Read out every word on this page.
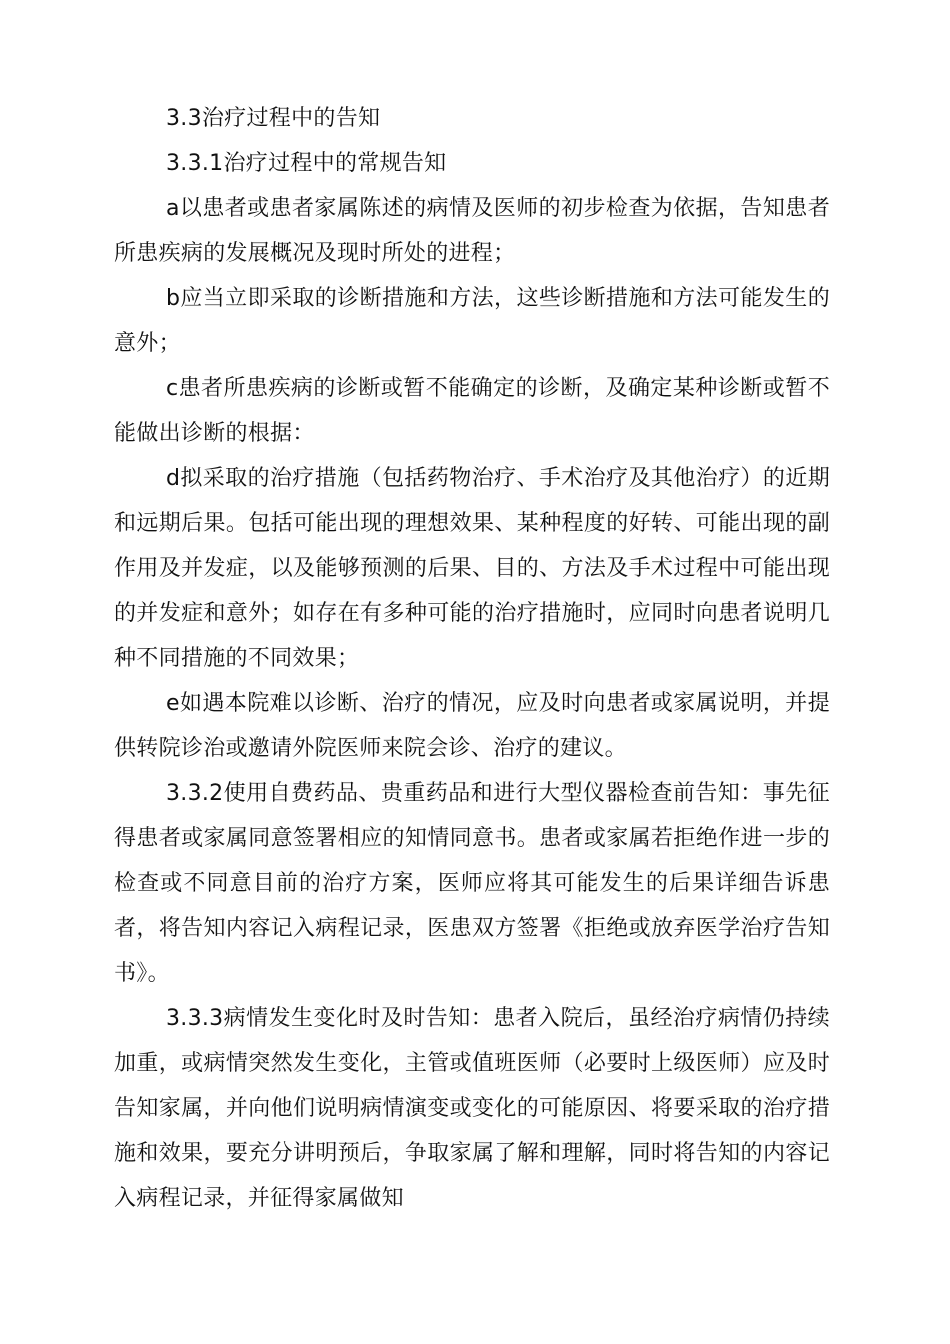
3.3治疗过程中的告知

3.3.1治疗过程中的常规告知

a以患者或患者家属陈述的病情及医师的初步检查为依据，告知患者所患疾病的发展概况及现时所处的进程；

b应当立即采取的诊断措施和方法，这些诊断措施和方法可能发生的意外；

c患者所患疾病的诊断或暂不能确定的诊断，及确定某种诊断或暂不能做出诊断的根据：

d拟采取的治疗措施（包括药物治疗、手术治疗及其他治疗）的近期和远期后果。包括可能出现的理想效果、某种程度的好转、可能出现的副作用及并发症，以及能够预测的后果、目的、方法及手术过程中可能出现的并发症和意外；如存在有多种可能的治疗措施时，应同时向患者说明几种不同措施的不同效果；

e如遇本院难以诊断、治疗的情况，应及时向患者或家属说明，并提供转院诊治或邀请外院医师来院会诊、治疗的建议。

3.3.2使用自费药品、贵重药品和进行大型仪器检查前告知：事先征得患者或家属同意签署相应的知情同意书。患者或家属若拒绝作进一步的检查或不同意目前的治疗方案，医师应将其可能发生的后果详细告诉患者，将告知内容记入病程记录，医患双方签署《拒绝或放弃医学治疗告知书》。

3.3.3病情发生变化时及时告知：患者入院后，虽经治疗病情仍持续加重，或病情突然发生变化，主管或值班医师（必要时上级医师）应及时告知家属，并向他们说明病情演变或变化的可能原因、将要采取的治疗措施和效果，要充分讲明预后，争取家属了解和理解，同时将告知的内容记入病程记录，并征得家属做知
